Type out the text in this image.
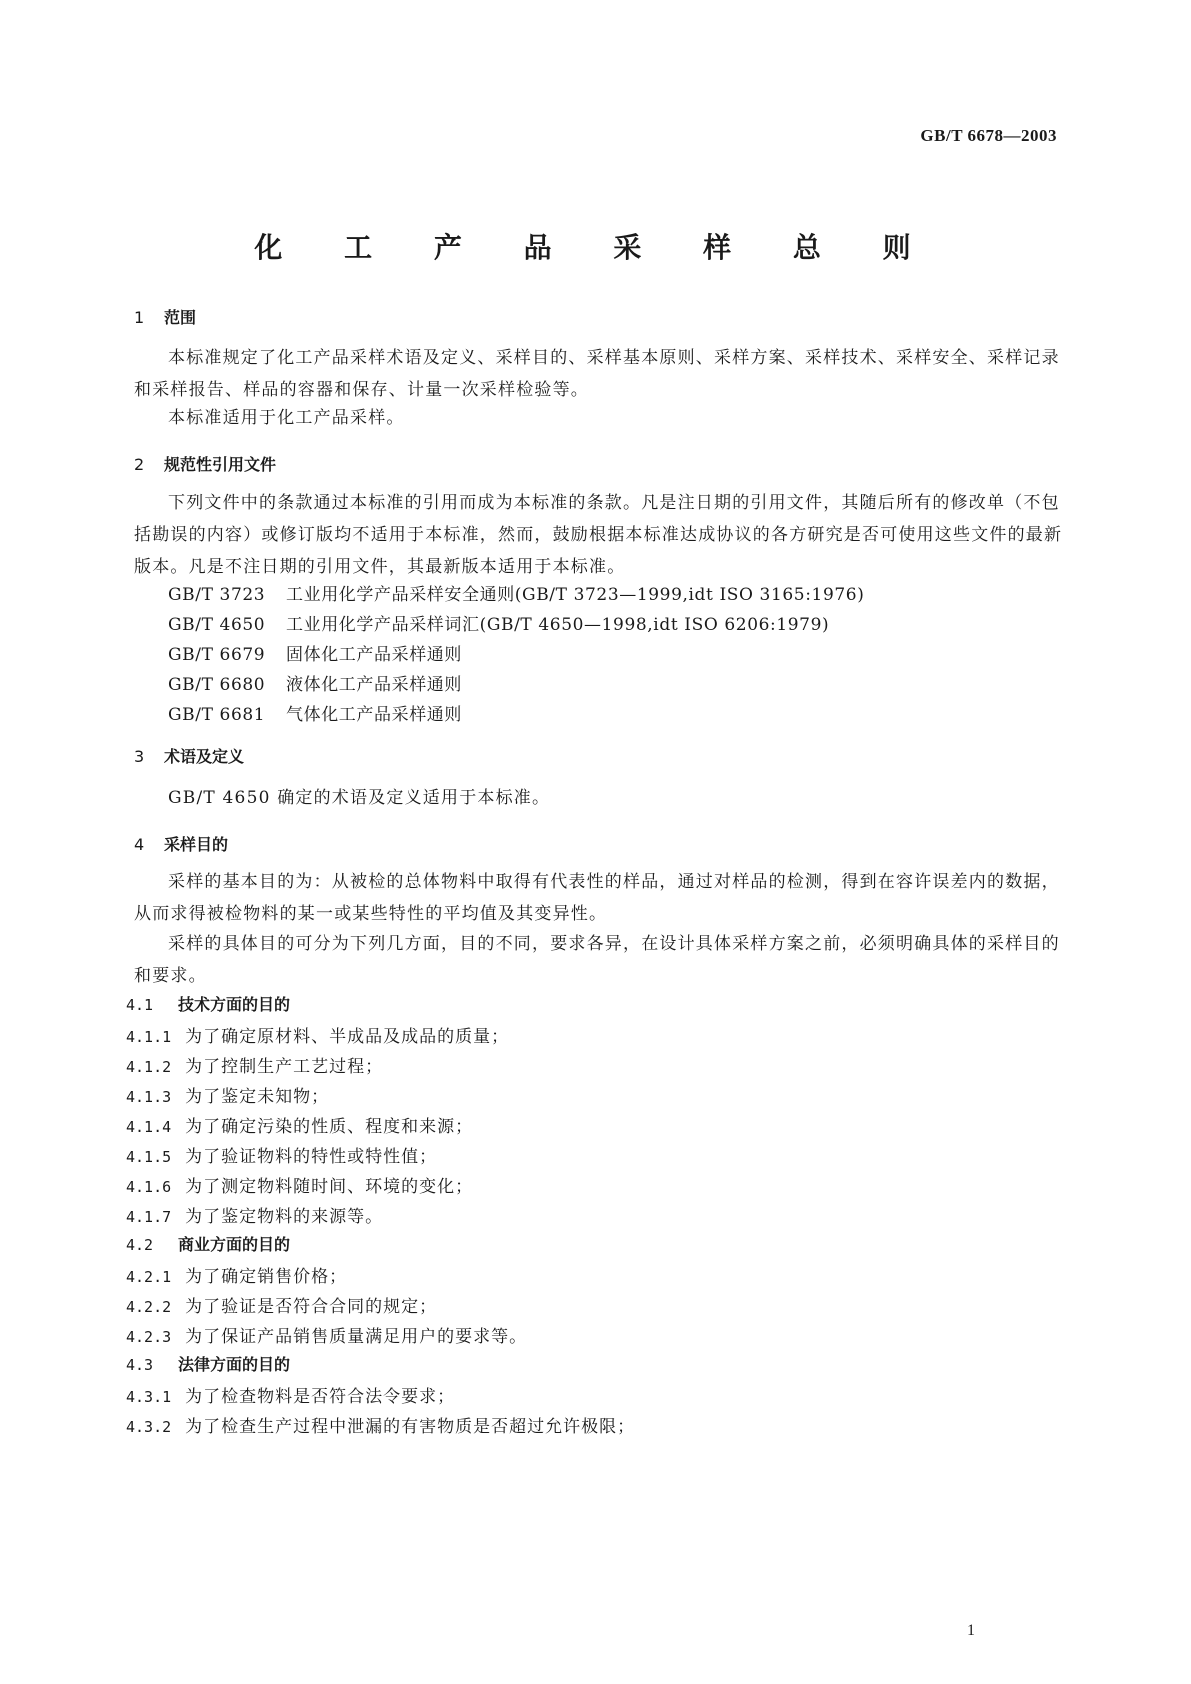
GB/T 6678—2003
化 工 产 品 采 样 总 则
1 范围
本标准规定了化工产品采样术语及定义、采样目的、采样基本原则、采样方案、采样技术、采样安全、采样记录和采样报告、样品的容器和保存、计量一次采样检验等。
本标准适用于化工产品采样。
2 规范性引用文件
下列文件中的条款通过本标准的引用而成为本标准的条款。凡是注日期的引用文件，其随后所有的修改单（不包括勘误的内容）或修订版均不适用于本标准，然而，鼓励根据本标准达成协议的各方研究是否可使用这些文件的最新版本。凡是不注日期的引用文件，其最新版本适用于本标准。
GB/T 3723 工业用化学产品采样安全通则(GB/T 3723—1999,idt ISO 3165:1976)
GB/T 4650 工业用化学产品采样词汇(GB/T 4650—1998,idt ISO 6206:1979)
GB/T 6679 固体化工产品采样通则
GB/T 6680 液体化工产品采样通则
GB/T 6681 气体化工产品采样通则
3 术语及定义
GB/T 4650 确定的术语及定义适用于本标准。
4 采样目的
采样的基本目的为：从被检的总体物料中取得有代表性的样品，通过对样品的检测，得到在容许误差内的数据，从而求得被检物料的某一或某些特性的平均值及其变异性。
采样的具体目的可分为下列几方面，目的不同，要求各异，在设计具体采样方案之前，必须明确具体的采样目的和要求。
4.1 技术方面的目的
4.1.1 为了确定原材料、半成品及成品的质量；
4.1.2 为了控制生产工艺过程；
4.1.3 为了鉴定未知物；
4.1.4 为了确定污染的性质、程度和来源；
4.1.5 为了验证物料的特性或特性值；
4.1.6 为了测定物料随时间、环境的变化；
4.1.7 为了鉴定物料的来源等。
4.2 商业方面的目的
4.2.1 为了确定销售价格；
4.2.2 为了验证是否符合合同的规定；
4.2.3 为了保证产品销售质量满足用户的要求等。
4.3 法律方面的目的
4.3.1 为了检查物料是否符合法令要求；
4.3.2 为了检查生产过程中泄漏的有害物质是否超过允许极限；
1
